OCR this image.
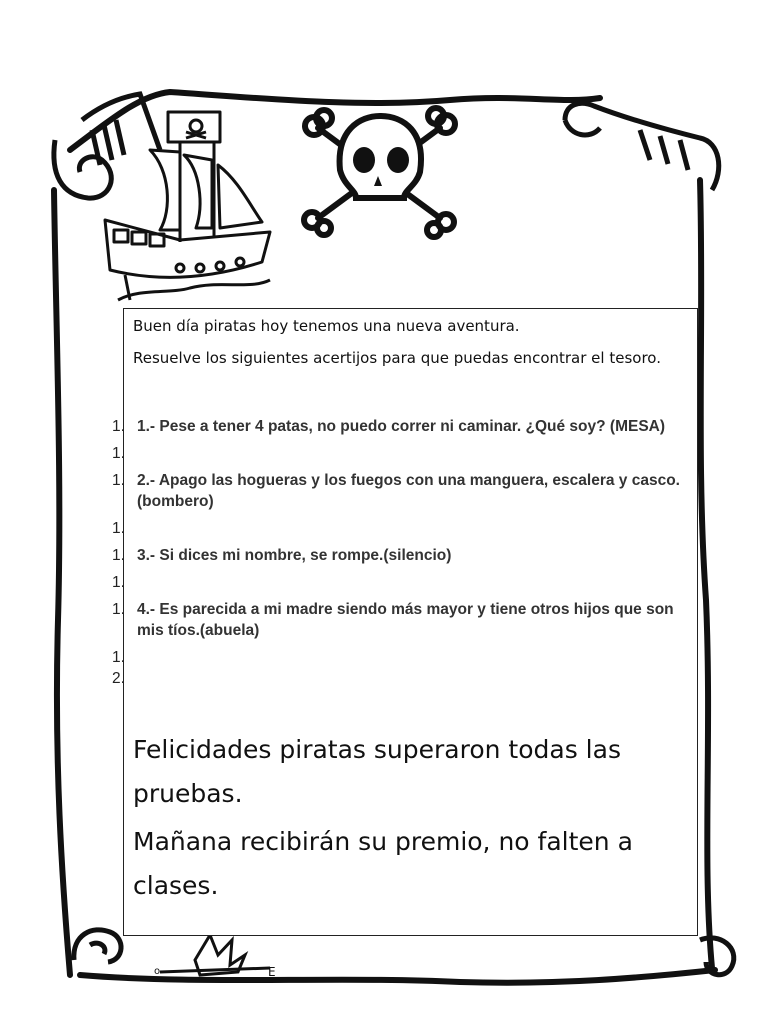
o	E

Buen día piratas hoy tenemos una nueva aventura.

Resuelve los siguientes acertijos para que puedas encontrar el tesoro.

1. 1.- Pese a tener 4 patas, no puedo correr ni caminar. ¿Qué soy? (MESA)
1.
1. 2.- Apago las hogueras y los fuegos con una manguera, escalera y casco.(bombero)
1.
1. 3.- Si dices mi nombre, se rompe.(silencio)
1.
1. 4.- Es parecida a mi madre siendo más mayor y tiene otros hijos que son mis tíos.(abuela)
1.
2.

Felicidades piratas superaron todas las pruebas.

Mañana recibirán su premio, no falten a clases.
